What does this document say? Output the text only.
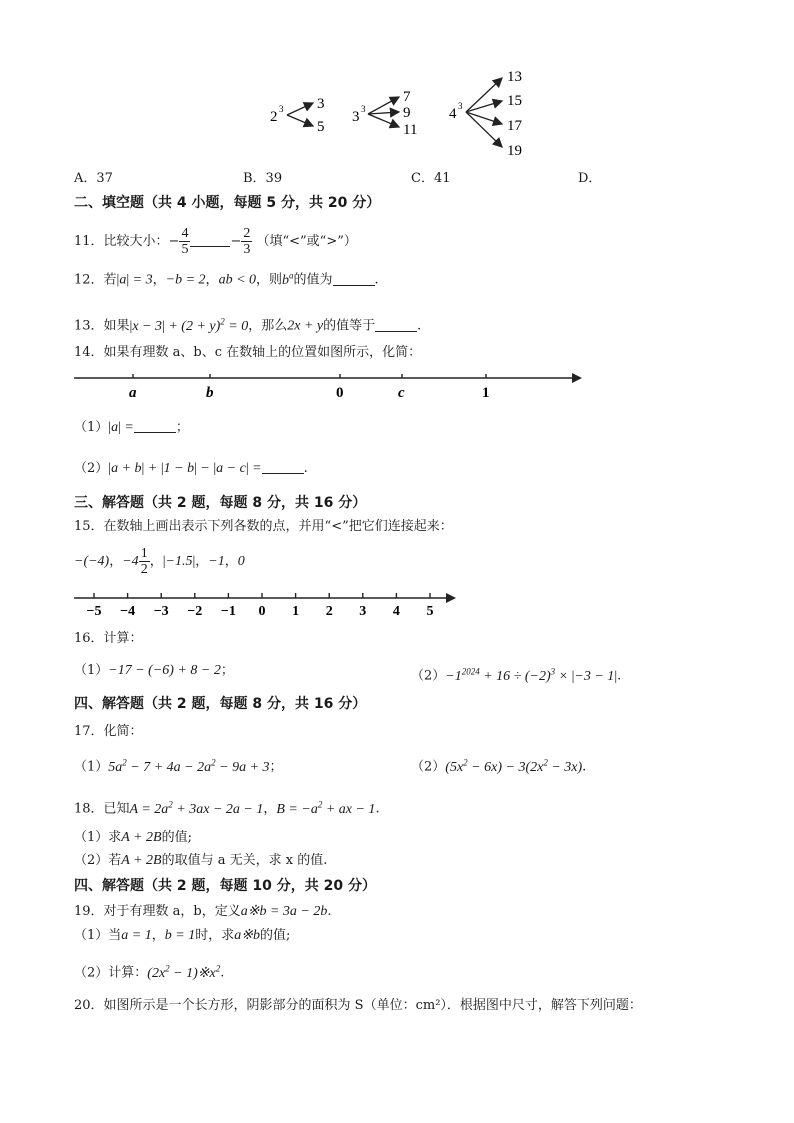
2 3 3
5
3 3
7
9
11
4 3
13
15
17
19
A．37	B．39	C．41	D．
二、填空题（共 4 小题，每题 5 分，共 20 分）
11．比较大小：− $\frac{4}{5}$	− $\frac{2}{3}$ （填“<”或“>”）
12．若|a| = 3，−b = 2，ab < 0，则$b^a$的值为	.
13．如果$|x - 3| + (2 + y)^2 = 0$，那么2x + y的值等于	.
14．如果有理数 a、b、c 在数轴上的位置如图所示，化简：
a	b	0	c	1
（1）|a| =	；
（2）|a + b| + |1 − b| − |a − c| =	.
三、解答题（共 2 题，每题 8 分，共 16 分）
15．在数轴上画出表示下列各数的点，并用“<”把它们连接起来：
−(−4)，$-4 \frac{1}{2}$ ，|−1.5|，−1，0
−5 −4 −3 −2 −1 0 1 2 3 4 5
16．计算：
（1）−17 − (−6) + 8 − 2；	$(2)-1^{2024} + 16 \div (-2)^3 \times |-3 - 1|$.
四、解答题（共 2 题，每题 8 分，共 16 分）
17．化简：
$(1)5a^2 - 7 + 4a - 2a^2 - 9a + 3$；	$(2)(5x^2 - 6x) - 3(2x^2 - 3x)$.
18．已知$A = 2a^2 + 3ax - 2a - 1$，$B = -a^2$ + ax − 1.
（1）求A + 2B的值;
（2）若A + 2B的取值与 a 无关，求 x 的值.
四、解答题（共 2 题，每题 10 分，共 20 分）
19．对于有理数 a，b，定义a※b = 3a − 2b.
（1）当a = 1，b = 1时，求a※b的值;
（2）计算：($2x^2$ − $1)※x^2$.
20．如图所示是一个长方形，阴影部分的面积为 S（单位：cm²）．根据图中尺寸，解答下列问题：
